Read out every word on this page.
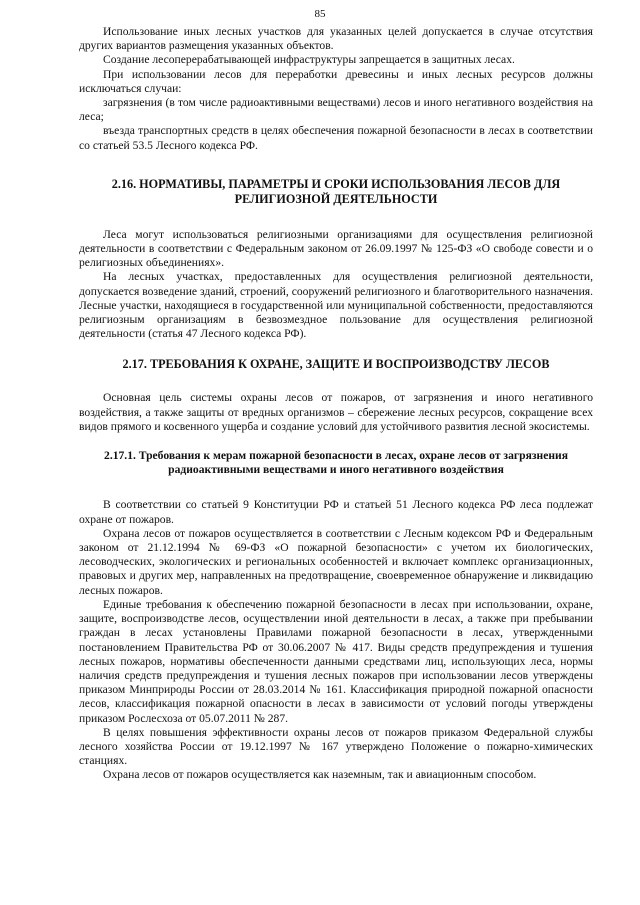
85

Использование иных лесных участков для указанных целей допускается в случае отсутствия других вариантов размещения указанных объектов.

Создание лесоперерабатывающей инфраструктуры запрещается в защитных лесах.

При использовании лесов для переработки древесины и иных лесных ресурсов должны исключаться случаи:

загрязнения (в том числе радиоактивными веществами) лесов и иного негативного воздействия на леса;

въезда транспортных средств в целях обеспечения пожарной безопасности в лесах в соответствии со статьей 53.5 Лесного кодекса РФ.

2.16. НОРМАТИВЫ, ПАРАМЕТРЫ И СРОКИ ИСПОЛЬЗОВАНИЯ ЛЕСОВ ДЛЯ РЕЛИГИОЗНОЙ ДЕЯТЕЛЬНОСТИ

Леса могут использоваться религиозными организациями для осуществления религиозной деятельности в соответствии с Федеральным законом от 26.09.1997 № 125-ФЗ «О свободе совести и о религиозных объединениях».

На лесных участках, предоставленных для осуществления религиозной деятельности, допускается возведение зданий, строений, сооружений религиозного и благотворительного назначения. Лесные участки, находящиеся в государственной или муниципальной собственности, предоставляются религиозным организациям в безвозмездное пользование для осуществления религиозной деятельности (статья 47 Лесного кодекса РФ).

2.17. ТРЕБОВАНИЯ К ОХРАНЕ, ЗАЩИТЕ И ВОСПРОИЗВОДСТВУ ЛЕСОВ

Основная цель системы охраны лесов от пожаров, от загрязнения и иного негативного воздействия, а также защиты от вредных организмов – сбережение лесных ресурсов, сокращение всех видов прямого и косвенного ущерба и создание условий для устойчивого развития лесной экосистемы.

2.17.1. Требования к мерам пожарной безопасности в лесах, охране лесов от загрязнения радиоактивными веществами и иного негативного воздействия

В соответствии со статьей 9 Конституции РФ и статьей 51 Лесного кодекса РФ леса подлежат охране от пожаров.

Охрана лесов от пожаров осуществляется в соответствии с Лесным кодексом РФ и Федеральным законом от 21.12.1994 № 69-ФЗ «О пожарной безопасности» с учетом их биологических, лесоводческих, экологических и региональных особенностей и включает комплекс организационных, правовых и других мер, направленных на предотвращение, своевременное обнаружение и ликвидацию лесных пожаров.

Единые требования к обеспечению пожарной безопасности в лесах при использовании, охране, защите, воспроизводстве лесов, осуществлении иной деятельности в лесах, а также при пребывании граждан в лесах установлены Правилами пожарной безопасности в лесах, утвержденными постановлением Правительства РФ от 30.06.2007 № 417. Виды средств предупреждения и тушения лесных пожаров, нормативы обеспеченности данными средствами лиц, использующих леса, нормы наличия средств предупреждения и тушения лесных пожаров при использовании лесов утверждены приказом Минприроды России от 28.03.2014 № 161. Классификация природной пожарной опасности лесов, классификация пожарной опасности в лесах в зависимости от условий погоды утверждены приказом Рослесхоза от 05.07.2011 № 287.

В целях повышения эффективности охраны лесов от пожаров приказом Федеральной службы лесного хозяйства России от 19.12.1997 № 167 утверждено Положение о пожарно-химических станциях.

Охрана лесов от пожаров осуществляется как наземным, так и авиационным способом.
